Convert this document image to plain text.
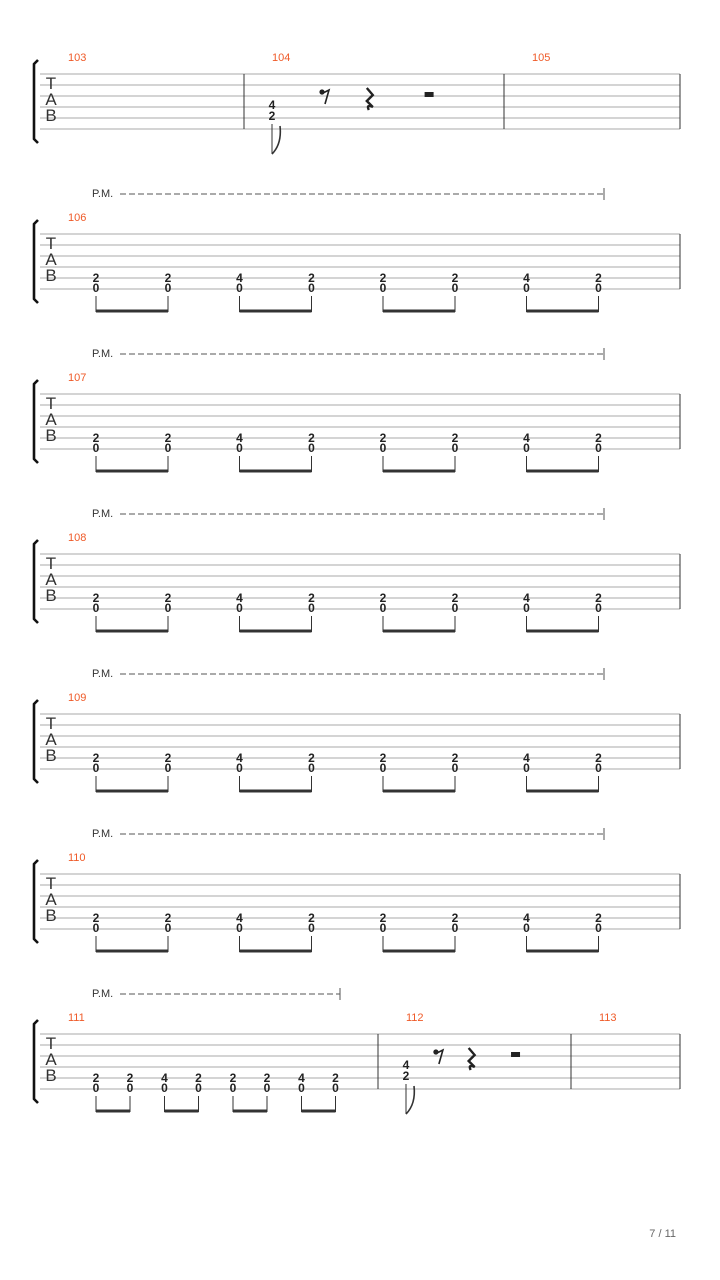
T
A
B
103	104
4
2
105
T
A
B
P.M.
106
2
0
2
0
4
0
2
0
2
0
2
0
4
0
2
0
T
A
B
P.M.
107
2
0
2
0
4
0
2
0
2
0
2
0
4
0
2
0
T
A
B
P.M.
108
2
0
2
0
4
0
2
0
2
0
2
0
4
0
2
0
T
A
B
P.M.
109
2
0
2
0
4
0
2
0
2
0
2
0
4
0
2
0
T
A
B
P.M.
110
2
0
2
0
4
0
2
0
2
0
2
0
4
0
2
0
T
A
B
P.M.
111
2
0
2
0
4
0
2
0
2
0
2
0
4
0
2
0
112
4
2
113
7 / 11
